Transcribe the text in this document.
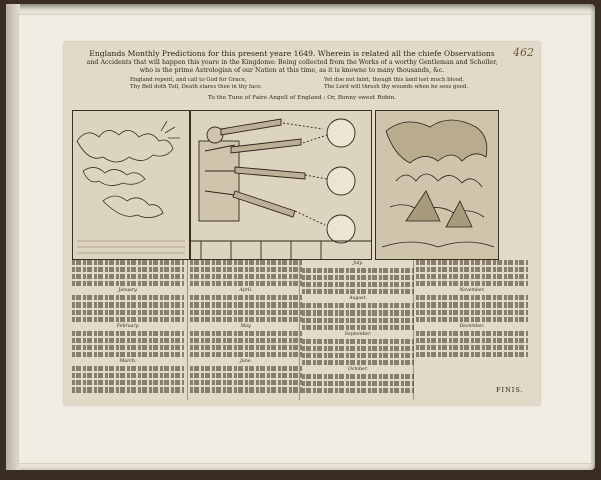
Englands Monthly Predictions for this present yeare 1649. Wherein is related all the chiefe Observations
and Accidents that will happen this yeare in the Kingdome: Being collected from the Works of a worthy Gentleman and Scholler,
who is the prime Astrologian of our Nation at this time, as it is knowne to many thousands, &c.
462
England repent, and call to God for Grace,
Thy Bell doth Toll, Death stares thee in thy face.
Yet doe not faint, though this land lost much blood,
The Lord will thresh thy wounds when he sees good.
To the Tune of Faire Angell of England ; Or, Bonny sweet Robin.
January.
February.
March.
April.
May.
June.
July.
August.
September.
October.
November.
December.
FINIS.
